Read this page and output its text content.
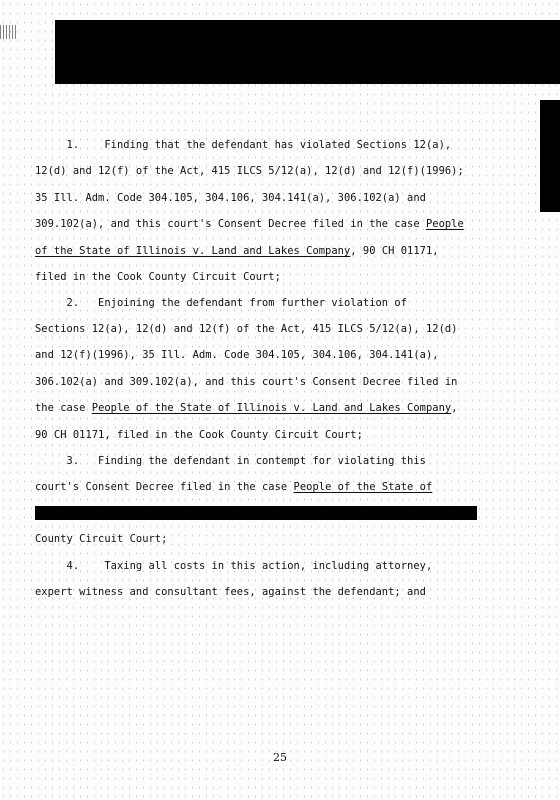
1.    Finding that the defendant has violated Sections 12(a),
12(d) and 12(f) of the Act, 415 ILCS 5/12(a), 12(d) and 12(f)(1996);
35 Ill. Adm. Code 304.105, 304.106, 304.141(a), 306.102(a) and
309.102(a), and this court's Consent Decree filed in the case People
of the State of Illinois v. Land and Lakes Company, 90 CH 01171,
filed in the Cook County Circuit Court;
2.   Enjoining the defendant from further violation of
Sections 12(a), 12(d) and 12(f) of the Act, 415 ILCS 5/12(a), 12(d)
and 12(f)(1996), 35 Ill. Adm. Code 304.105, 304.106, 304.141(a),
306.102(a) and 309.102(a), and this court's Consent Decree filed in
the case People of the State of Illinois v. Land and Lakes Company,
90 CH 01171, filed in the Cook County Circuit Court;
3.   Finding the defendant in contempt for violating this
court's Consent Decree filed in the case People of the State of
County Circuit Court;
4.    Taxing all costs in this action, including attorney,
expert witness and consultant fees, against the defendant; and
25
